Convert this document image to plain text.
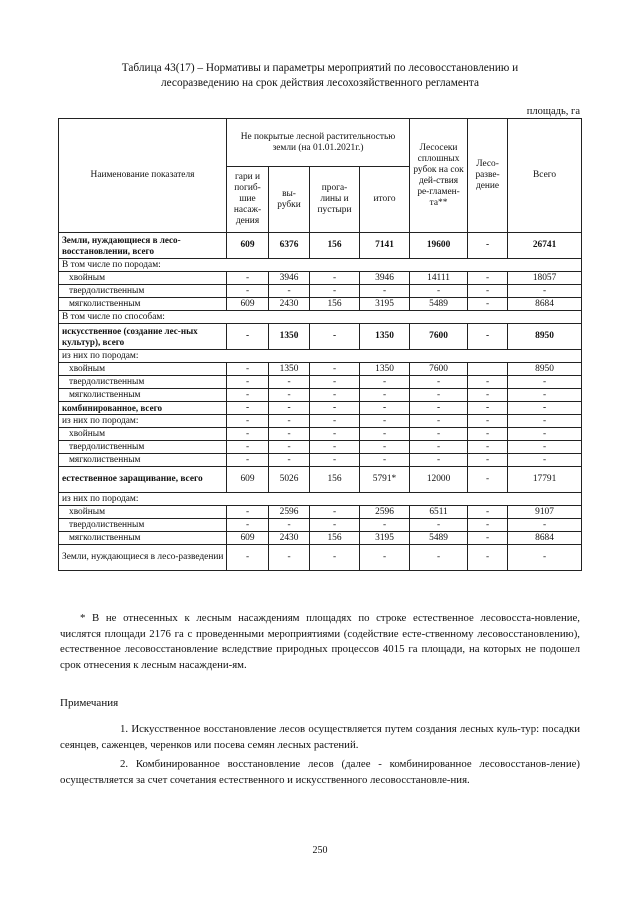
Таблица 43(17) – Нормативы и параметры мероприятий по лесовосстановлению и
лесоразведению на срок действия лесохозяйственного регламента
площадь, га
Наименование показателя	Не покрытые лесной растительностью земли (на 01.01.2021г.)				Лесосеки сплошных рубок на сок дей-ствия ре-гламен-та**	Лесо-разве-дение	Всего
	гари и погиб-шие насаж-дения	вы-рубки	прога-лины и пустыри	итого			
Земли, нуждающиеся в лесо-восстановлении, всего	609	6376	156	7141	19600	-	26741
В том числе по породам:							
хвойным	-	3946	-	3946	14111	-	18057
твердолиственным	-	-	-	-	-	-	-
мягколиственным	609	2430	156	3195	5489	-	8684
В том числе по способам:							
искусственное (создание лес-ных культур), всего	-	1350	-	1350	7600	-	8950
из них по породам:							
хвойным	-	1350	-	1350	7600		8950
твердолиственным	-	-	-	-	-	-	-
мягколиственным	-	-	-	-	-	-	-
комбинированное, всего	-	-	-	-	-	-	-
из них по породам:	-	-	-	-	-	-	-
хвойным	-	-	-	-	-	-	-
твердолиственным	-	-	-	-	-	-	-
мягколиственным	-	-	-	-	-	-	-
естественное заращивание, всего	609	5026	156	5791*	12000	-	17791
из них по породам:							
хвойным	-	2596	-	2596	6511	-	9107
твердолиственным	-	-	-	-	-	-	-
мягколиственным	609	2430	156	3195	5489	-	8684
Земли, нуждающиеся в лесо-разведении	-	-	-	-	-	-	-
* В не отнесенных к лесным насаждениям площадях по строке естественное лесовосста-новление, числятся площади 2176 га с проведенными мероприятиями (содействие есте-ственному лесовосстановлению), естественное лесовосстановление вследствие природных процессов 4015 га площади, на которых не подошел срок отнесения к лесным насаждени-ям.
Примечания
1. Искусственное восстановление лесов осуществляется путем создания лесных куль-тур: посадки сеянцев, саженцев, черенков или посева семян лесных растений.
2. Комбинированное восстановление лесов (далее - комбинированное лесовосстанов-ление) осуществляется за счет сочетания естественного и искусственного лесовосстановле-ния.
250
